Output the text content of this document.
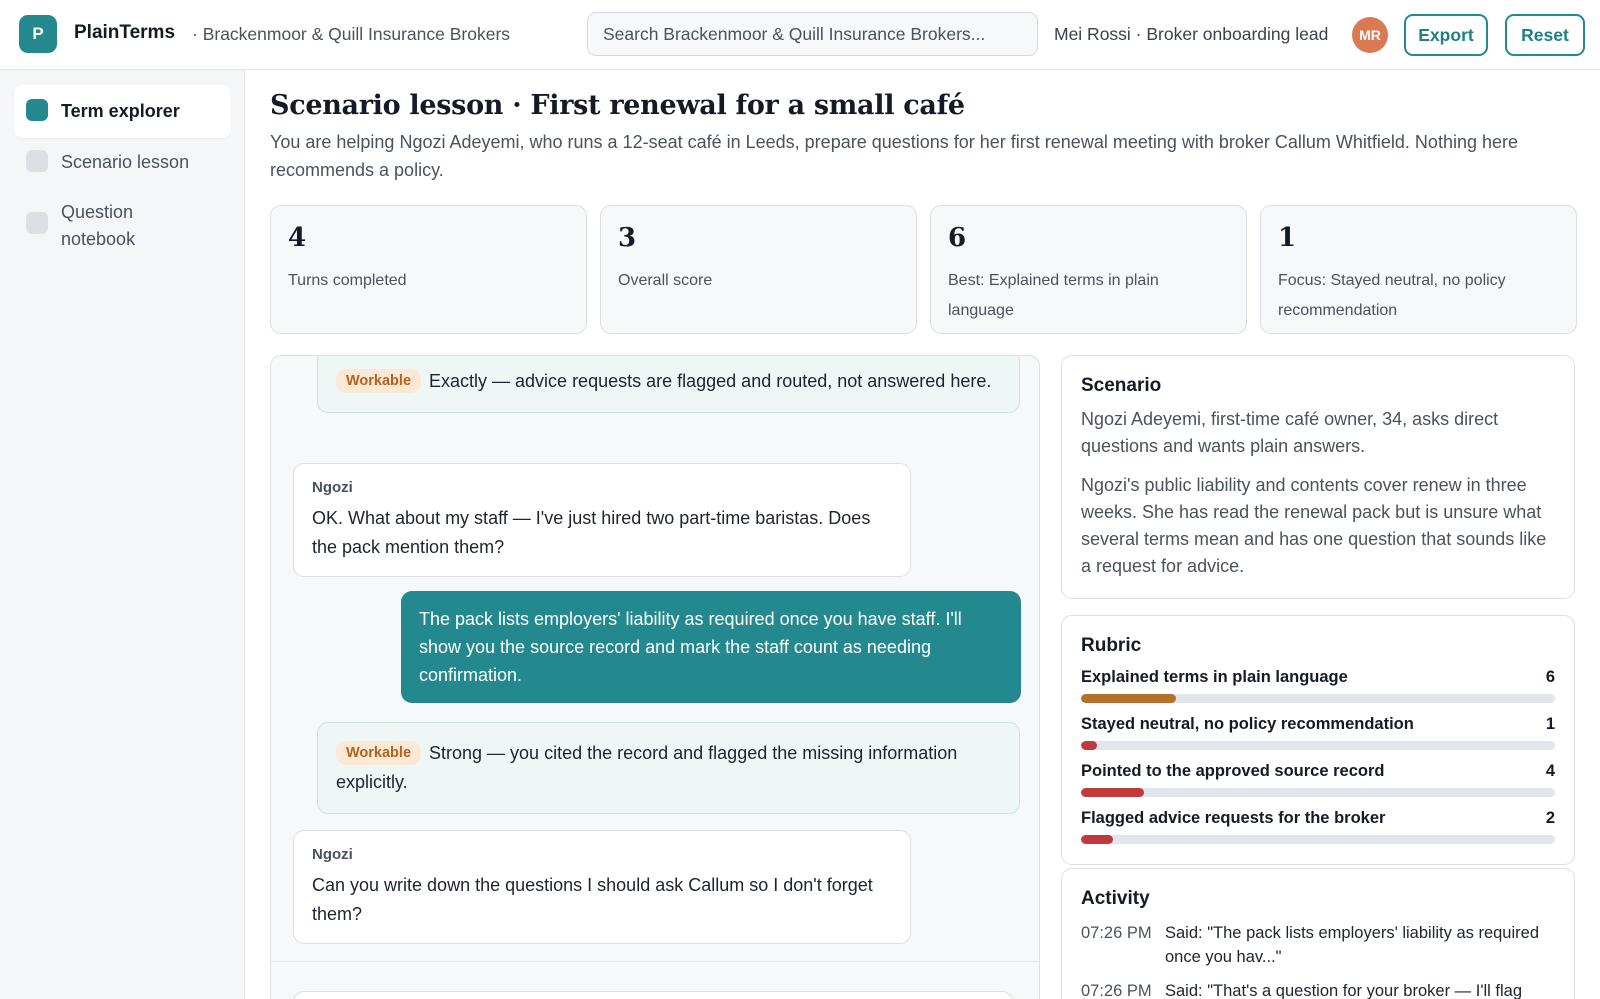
P	PlainTerms · Brackenmoor & Quill Insurance Brokers
Search Brackenmoor & Quill Insurance Brokers...	Mei Rossi · Broker onboarding lead	MR	Export	Reset
Term explorer
Scenario lesson
Question notebook
Scenario lesson · First renewal for a small café

You are helping Ngozi Adeyemi, who runs a 12-seat café in Leeds, prepare questions for her first renewal meeting with broker Callum Whitfield. Nothing here recommends a policy.

4
Turns completed
3
Overall score
6
Best: Explained terms in plain language
1
Focus: Stayed neutral, no policy recommendation
Workable Exactly — advice requests are flagged and routed, not answered here.
Ngozi
OK. What about my staff — I've just hired two part-time baristas. Does the pack mention them?
The pack lists employers' liability as required once you have staff. I'll show you the source record and mark the staff count as needing confirmation.
Workable Strong — you cited the record and flagged the missing information explicitly.
Ngozi
Can you write down the questions I should ask Callum so I don't forget them?
Scenario

Ngozi Adeyemi, first-time café owner, 34, asks direct questions and wants plain answers.

Ngozi's public liability and contents cover renew in three weeks. She has read the renewal pack but is unsure what several terms mean and has one question that sounds like a request for advice.

Rubric
Explained terms in plain language	6
Stayed neutral, no policy recommendation	1
Pointed to the approved source record	4
Flagged advice requests for the broker	2
Activity
07:26 PM Said: "The pack lists employers' liability as required once you hav..."
07:26 PM Said: "That's a question for your broker — I'll flag
